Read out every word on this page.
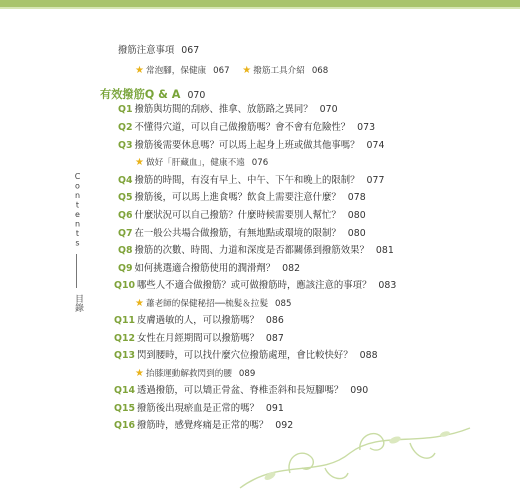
Contents
目錄
撥筋注意事項 067
★ 常泡腳，保健康 067 ★ 撥筋工具介紹 068
有效撥筋Q & A 070
Q1 撥筋與坊間的刮痧、推拿、放筋路之異同？ 070
Q2 不懂得穴道，可以自己做撥筋嗎？會不會有危險性？ 073
Q3 撥筋後需要休息嗎？可以馬上起身上班或做其他事嗎？ 074
★ 做好「肝藏血」，健康不遠 076
Q4 撥筋的時間，有沒有早上、中午、下午和晚上的限制？ 077
Q5 撥筋後，可以馬上進食嗎？飲食上需要注意什麼？ 078
Q6 什麼狀況可以自己撥筋？什麼時候需要別人幫忙？ 080
Q7 在一般公共場合做撥筋，有無地點或環境的限制？ 080
Q8 撥筋的次數、時間、力道和深度是否都關係到撥筋效果？ 081
Q9 如何挑選適合撥筋使用的潤滑劑？ 082
Q10 哪些人不適合做撥筋？或可做撥筋時，應該注意的事項？ 083
★ 蕭老師的保健秘招──梳髮＆拉髮 085
Q11 皮膚過敏的人，可以撥筋嗎？ 086
Q12 女性在月經期間可以撥筋嗎？ 087
Q13 閃到腰時，可以找什麼穴位撥筋處理，會比較快好？ 088
★ 抬膝運動解救閃到的腰 089
Q14 透過撥筋，可以矯正骨盆、脊椎歪斜和長短腳嗎？ 090
Q15 撥筋後出現瘀血是正常的嗎？ 091
Q16 撥筋時，感覺疼痛是正常的嗎？ 092
